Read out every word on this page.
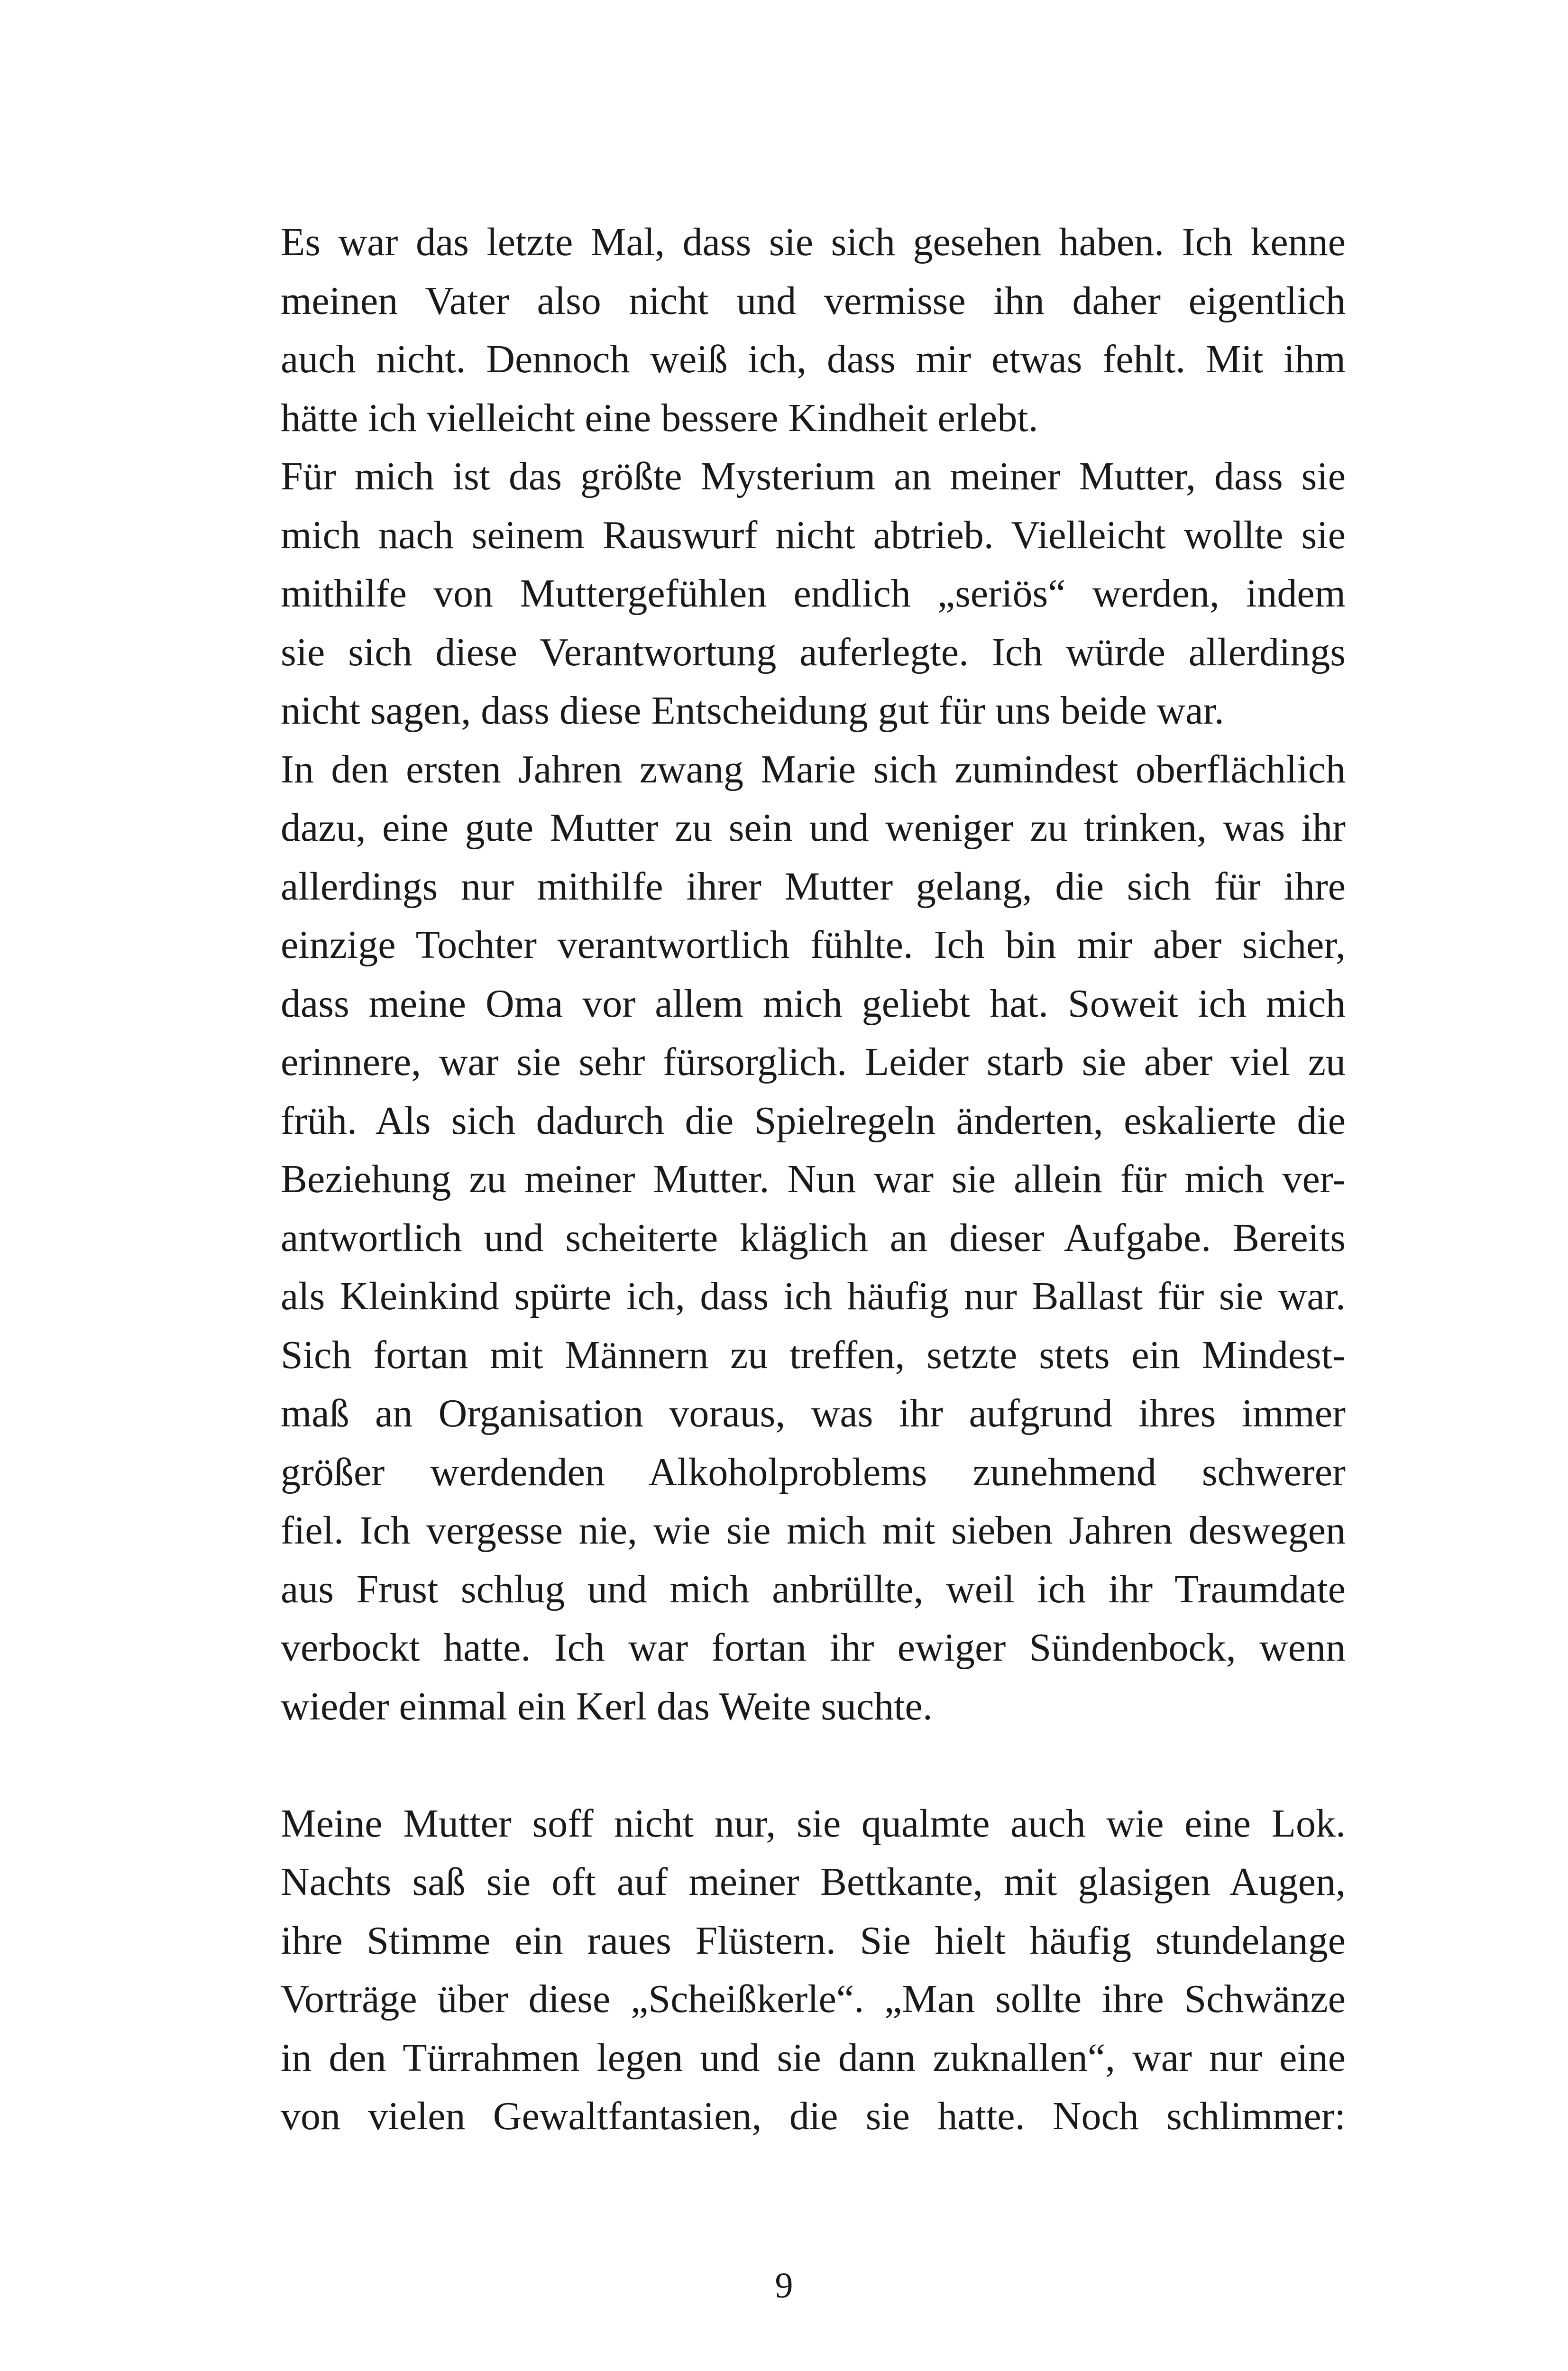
Es war das letzte Mal, dass sie sich gesehen haben. Ich kenne
meinen Vater also nicht und vermisse ihn daher eigentlich
auch nicht. Dennoch weiß ich, dass mir etwas fehlt. Mit ihm
hätte ich vielleicht eine bessere Kindheit erlebt.

Für mich ist das größte Mysterium an meiner Mutter, dass sie
mich nach seinem Rauswurf nicht abtrieb. Vielleicht wollte sie
mithilfe von Muttergefühlen endlich „seriös“ werden, indem
sie sich diese Verantwortung auferlegte. Ich würde allerdings
nicht sagen, dass diese Entscheidung gut für uns beide war.

In den ersten Jahren zwang Marie sich zumindest oberflächlich
dazu, eine gute Mutter zu sein und weniger zu trinken, was ihr
allerdings nur mithilfe ihrer Mutter gelang, die sich für ihre
einzige Tochter verantwortlich fühlte. Ich bin mir aber sicher,
dass meine Oma vor allem mich geliebt hat. Soweit ich mich
erinnere, war sie sehr fürsorglich. Leider starb sie aber viel zu
früh. Als sich dadurch die Spielregeln änderten, eskalierte die
Beziehung zu meiner Mutter. Nun war sie allein für mich ver-
antwortlich und scheiterte kläglich an dieser Aufgabe. Bereits
als Kleinkind spürte ich, dass ich häufig nur Ballast für sie war.
Sich fortan mit Männern zu treffen, setzte stets ein Mindest-
maß an Organisation voraus, was ihr aufgrund ihres immer
größer werdenden Alkoholproblems zunehmend schwerer
fiel. Ich vergesse nie, wie sie mich mit sieben Jahren deswegen
aus Frust schlug und mich anbrüllte, weil ich ihr Traumdate
verbockt hatte. Ich war fortan ihr ewiger Sündenbock, wenn
wieder einmal ein Kerl das Weite suchte.

Meine Mutter soff nicht nur, sie qualmte auch wie eine Lok.
Nachts saß sie oft auf meiner Bettkante, mit glasigen Augen,
ihre Stimme ein raues Flüstern. Sie hielt häufig stundelange
Vorträge über diese „Scheißkerle“. „Man sollte ihre Schwänze
in den Türrahmen legen und sie dann zuknallen“, war nur eine
von vielen Gewaltfantasien, die sie hatte. Noch schlimmer:

9
